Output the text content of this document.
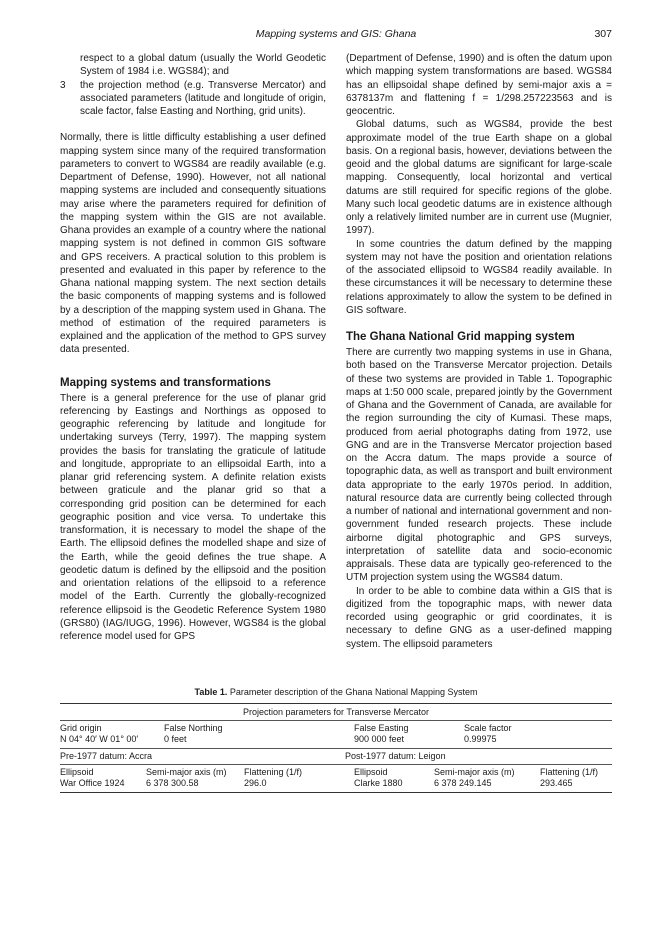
Mapping systems and GIS: Ghana	307

respect to a global datum (usually the World Geodetic System of 1984 i.e. WGS84); and

3	the projection method (e.g. Transverse Mercator) and associated parameters (latitude and longitude of origin, scale factor, false Easting and Northing, grid units).

Normally, there is little difficulty establishing a user defined mapping system since many of the required transformation parameters to convert to WGS84 are readily available (e.g. Department of Defense, 1990). However, not all national mapping systems are included and consequently situations may arise where the parameters required for definition of the mapping system within the GIS are not available. Ghana provides an example of a country where the national mapping system is not defined in common GIS software and GPS receivers. A practical solution to this problem is presented and evaluated in this paper by reference to the Ghana national mapping system. The next section details the basic components of mapping systems and is followed by a description of the mapping system used in Ghana. The method of estimation of the required parameters is explained and the application of the method to GPS survey data presented.

Mapping systems and transformations

There is a general preference for the use of planar grid referencing by Eastings and Northings as opposed to geographic referencing by latitude and longitude for undertaking surveys (Terry, 1997). The mapping system provides the basis for translating the graticule of latitude and longitude, appropriate to an ellipsoidal Earth, into a planar grid referencing system. A definite relation exists between graticule and the planar grid so that a corresponding grid position can be determined for each geographic position and vice versa. To undertake this transformation, it is necessary to model the shape of the Earth. The ellipsoid defines the modelled shape and size of the Earth, while the geoid defines the true shape. A geodetic datum is defined by the ellipsoid and the position and orientation relations of the ellipsoid to a reference model of the Earth. Currently the globally-recognized reference ellipsoid is the Geodetic Reference System 1980 (GRS80) (IAG/IUGG, 1996). However, WGS84 is the global reference model used for GPS

(Department of Defense, 1990) and is often the datum upon which mapping system transformations are based. WGS84 has an ellipsoidal shape defined by semi-major axis a = 6378137m and flattening f = 1/298.257223563 and is geocentric.

Global datums, such as WGS84, provide the best approximate model of the true Earth shape on a global basis. On a regional basis, however, deviations between the geoid and the global datums are significant for large-scale mapping. Consequently, local horizontal and vertical datums are still required for specific regions of the globe. Many such local geodetic datums are in existence although only a relatively limited number are in current use (Mugnier, 1997).

In some countries the datum defined by the mapping system may not have the position and orientation relations of the associated ellipsoid to WGS84 readily available. In these circumstances it will be necessary to determine these relations approximately to allow the system to be defined in GIS software.

The Ghana National Grid mapping system

There are currently two mapping systems in use in Ghana, both based on the Transverse Mercator projection. Details of these two systems are provided in Table 1. Topographic maps at 1:50 000 scale, prepared jointly by the Government of Ghana and the Government of Canada, are available for the region surrounding the city of Kumasi. These maps, produced from aerial photographs dating from 1972, use GNG and are in the Transverse Mercator projection based on the Accra datum. The maps provide a source of topographic data, as well as transport and built environment data appropriate to the early 1970s period. In addition, natural resource data are currently being collected through a number of national and international government and non-government funded research projects. These include airborne digital photographic and GPS surveys, interpretation of satellite data and socio-economic appraisals. These data are typically geo-referenced to the UTM projection system using the WGS84 datum.

In order to be able to combine data within a GIS that is digitized from the topographic maps, with newer data recorded using geographic or grid coordinates, it is necessary to define GNG as a user-defined mapping system. The ellipsoid parameters

Table 1. Parameter description of the Ghana National Mapping System
Projection parameters for Transverse Mercator
Grid origin	False Northing	False Easting	Scale factor
N 04° 40′ W 01° 00′	0 feet	900 000 feet	0.99975
Pre-1977 datum: Accra	Post-1977 datum: Leigon
Ellipsoid	Semi-major axis (m)	Flattening (1/f)	Ellipsoid	Semi-major axis (m)	Flattening (1/f)
War Office 1924	6 378 300.58	296.0	Clarke 1880	6 378 249.145	293.465
